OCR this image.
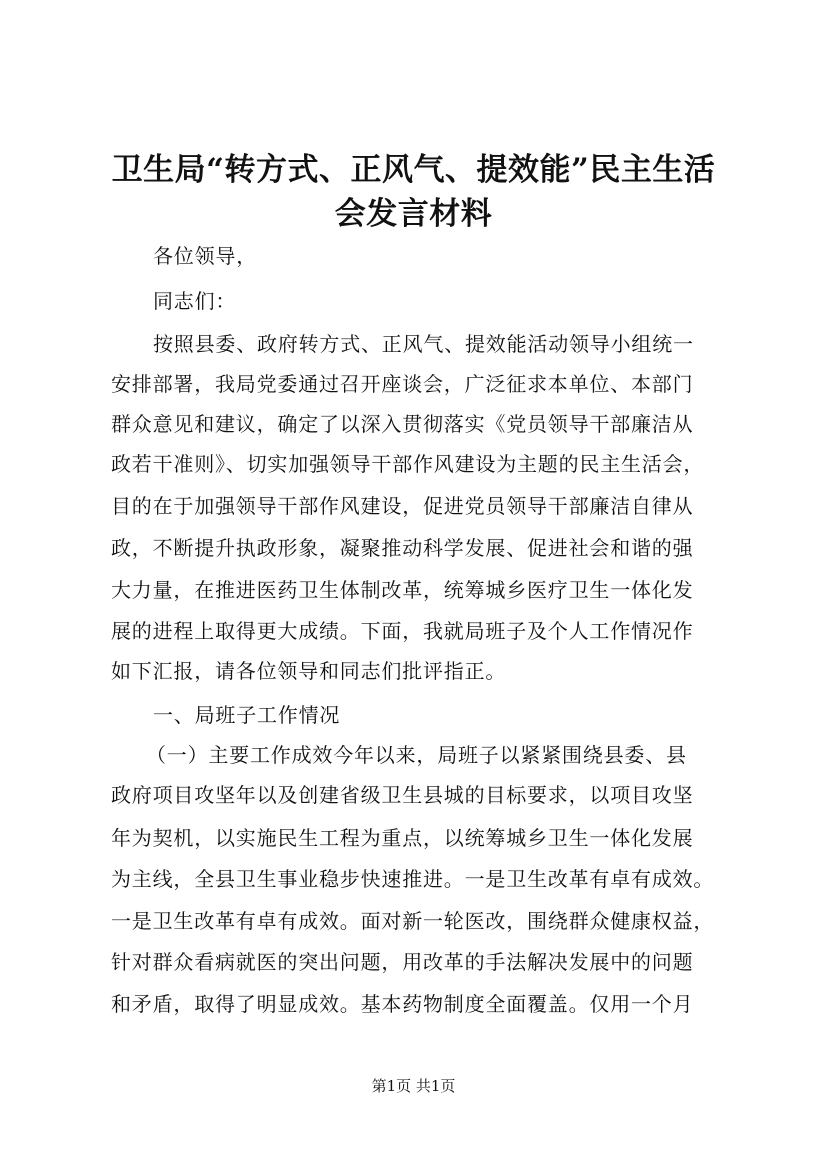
卫生局“转方式、正风气、提效能”民主生活
会发言材料

各位领导，

同志们：

按照县委、政府转方式、正风气、提效能活动领导小组统一

安排部署，我局党委通过召开座谈会，广泛征求本单位、本部门

群众意见和建议，确定了以深入贯彻落实《党员领导干部廉洁从

政若干准则》、切实加强领导干部作风建设为主题的民主生活会，

目的在于加强领导干部作风建设，促进党员领导干部廉洁自律从

政，不断提升执政形象，凝聚推动科学发展、促进社会和谐的强

大力量，在推进医药卫生体制改革，统筹城乡医疗卫生一体化发

展的进程上取得更大成绩。下面，我就局班子及个人工作情况作

如下汇报，请各位领导和同志们批评指正。

一、局班子工作情况

（一）主要工作成效今年以来，局班子以紧紧围绕县委、县

政府项目攻坚年以及创建省级卫生县城的目标要求，以项目攻坚

年为契机，以实施民生工程为重点，以统筹城乡卫生一体化发展

为主线，全县卫生事业稳步快速推进。一是卫生改革有卓有成效。

一是卫生改革有卓有成效。面对新一轮医改，围绕群众健康权益，

针对群众看病就医的突出问题，用改革的手法解决发展中的问题

和矛盾，取得了明显成效。基本药物制度全面覆盖。仅用一个月

第1页 共1页
